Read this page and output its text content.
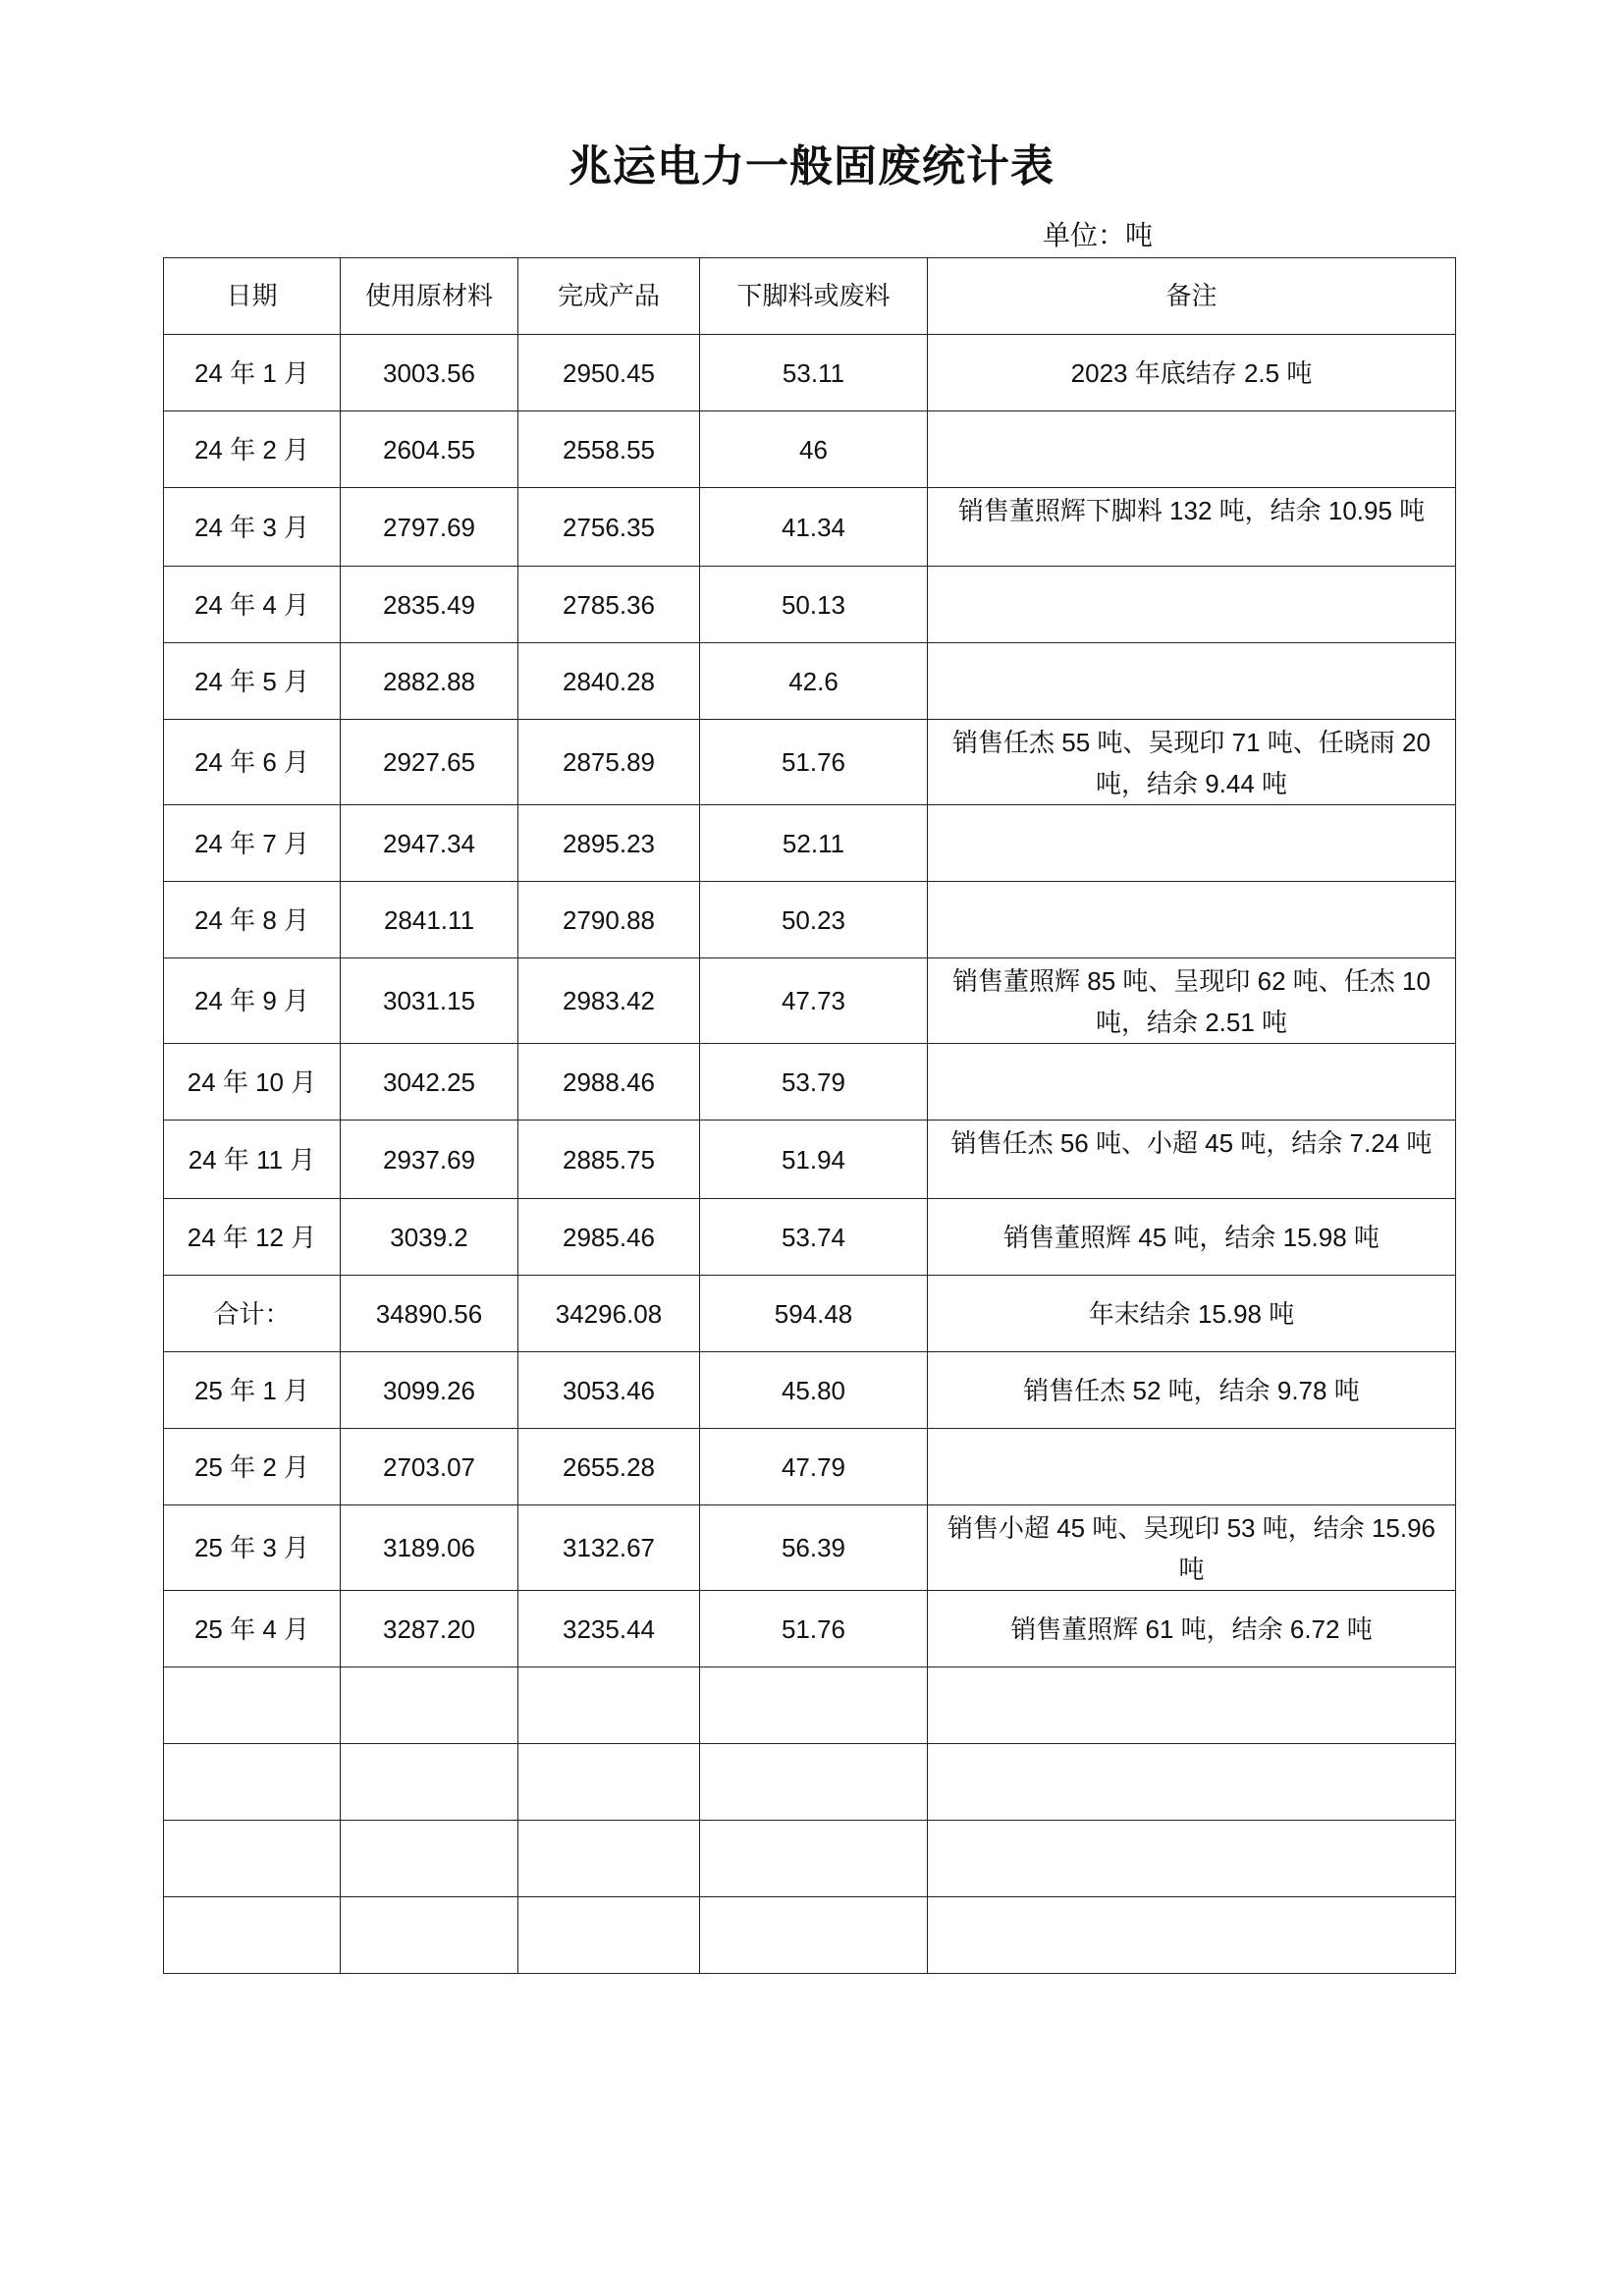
兆运电力一般固废统计表
单位：吨
日期	使用原材料	完成产品	下脚料或废料	备注
24 年 1 月	3003.56	2950.45	53.11	2023 年底结存 2.5 吨
24 年 2 月	2604.55	2558.55	46	
24 年 3 月	2797.69	2756.35	41.34	销售董照辉下脚料 132 吨，结余 10.95 吨
24 年 4 月	2835.49	2785.36	50.13	
24 年 5 月	2882.88	2840.28	42.6	
24 年 6 月	2927.65	2875.89	51.76	销售任杰 55 吨、吴现印 71 吨、任晓雨 20 吨，结余 9.44 吨
24 年 7 月	2947.34	2895.23	52.11	
24 年 8 月	2841.11	2790.88	50.23	
24 年 9 月	3031.15	2983.42	47.73	销售董照辉 85 吨、呈现印 62 吨、任杰 10 吨，结余 2.51 吨
24 年 10 月	3042.25	2988.46	53.79	
24 年 11 月	2937.69	2885.75	51.94	销售任杰 56 吨、小超 45 吨，结余 7.24 吨
24 年 12 月	3039.2	2985.46	53.74	销售董照辉 45 吨，结余 15.98 吨
合计：	34890.56	34296.08	594.48	年末结余 15.98 吨
25 年 1 月	3099.26	3053.46	45.80	销售任杰 52 吨，结余 9.78 吨
25 年 2 月	2703.07	2655.28	47.79	
25 年 3 月	3189.06	3132.67	56.39	销售小超 45 吨、吴现印 53 吨，结余 15.96 吨
25 年 4 月	3287.20	3235.44	51.76	销售董照辉 61 吨，结余 6.72 吨
